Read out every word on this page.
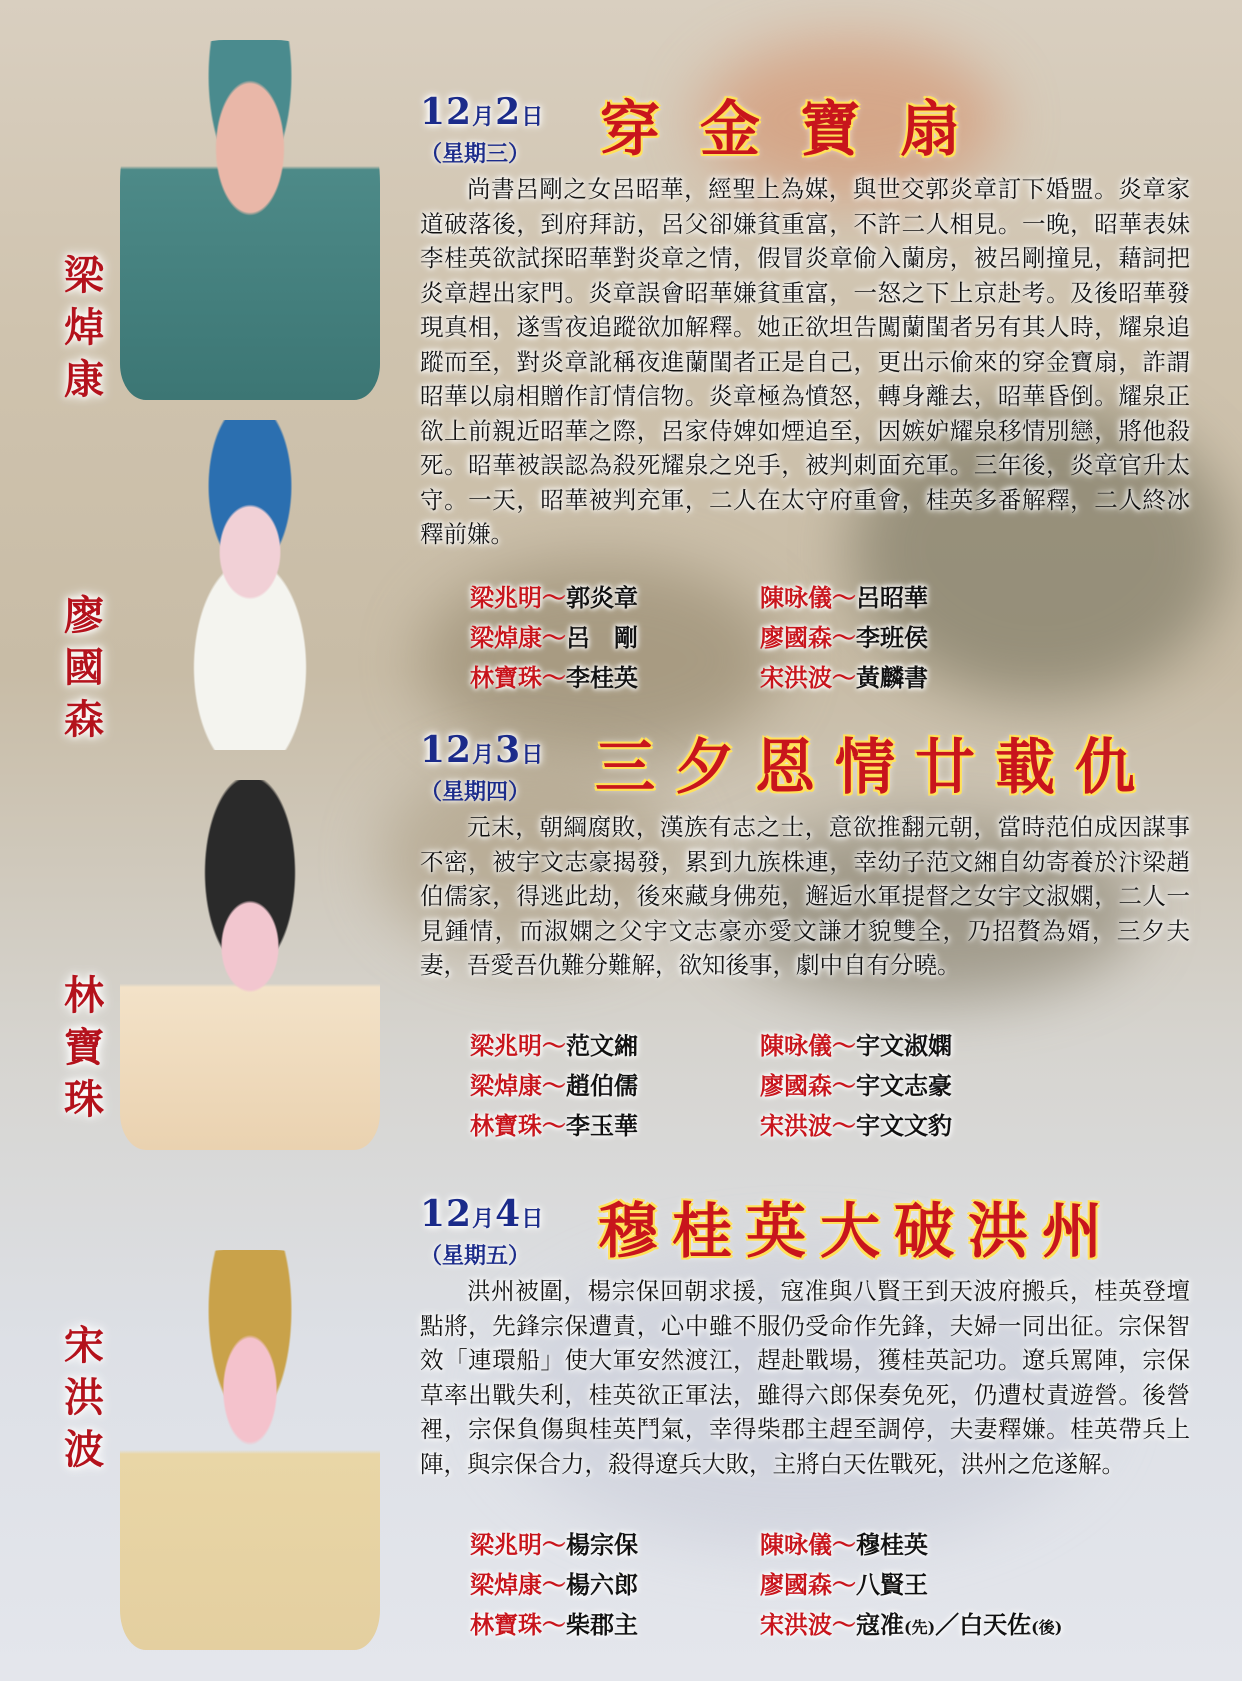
梁焯康
廖國森
林寶珠
宋洪波
12月2日
（星期三）	穿金寶扇
尚書呂剛之女呂昭華，經聖上為媒，與世交郭炎章訂下婚盟。炎章家道破落後，到府拜訪，呂父卻嫌貧重富，不許二人相見。一晚，昭華表妹李桂英欲試探昭華對炎章之情，假冒炎章偷入蘭房，被呂剛撞見，藉詞把炎章趕出家門。炎章誤會昭華嫌貧重富，一怒之下上京赴考。及後昭華發現真相，遂雪夜追蹤欲加解釋。她正欲坦告闖蘭閨者另有其人時，耀泉追蹤而至，對炎章訛稱夜進蘭閨者正是自己，更出示偷來的穿金寶扇，詐謂昭華以扇相贈作訂情信物。炎章極為憤怒，轉身離去，昭華昏倒。耀泉正欲上前親近昭華之際，呂家侍婢如煙追至，因嫉妒耀泉移情別戀，將他殺死。昭華被誤認為殺死耀泉之兇手，被判刺面充軍。三年後，炎章官升太守。一天，昭華被判充軍，二人在太守府重會，桂英多番解釋，二人終冰釋前嫌。
梁兆明～郭炎章	陳咏儀～呂昭華
梁焯康～呂　剛	廖國森～李班侯
林寶珠～李桂英	宋洪波～黃麟書
12月3日
（星期四）	三夕恩情廿載仇
元末，朝綱腐敗，漢族有志之士，意欲推翻元朝，當時范伯成因謀事不密，被宇文志豪揭發，累到九族株連，幸幼子范文緗自幼寄養於汴梁趙伯儒家，得逃此劫，後來藏身佛苑，邂逅水軍提督之女宇文淑嫻，二人一見鍾情，而淑嫻之父宇文志豪亦愛文謙才貌雙全，乃招贅為婿，三夕夫妻，吾愛吾仇難分難解，欲知後事，劇中自有分曉。
梁兆明～范文緗	陳咏儀～宇文淑嫻
梁焯康～趙伯儒	廖國森～宇文志豪
林寶珠～李玉華	宋洪波～宇文文豹
12月4日
（星期五）	穆桂英大破洪州
洪州被圍，楊宗保回朝求援，寇准與八賢王到天波府搬兵，桂英登壇點將，先鋒宗保遭責，心中雖不服仍受命作先鋒，夫婦一同出征。宗保智效「連環船」使大軍安然渡江，趕赴戰場，獲桂英記功。遼兵罵陣，宗保草率出戰失利，桂英欲正軍法，雖得六郎保奏免死，仍遭杖責遊營。後營裡，宗保負傷與桂英鬥氣，幸得柴郡主趕至調停，夫妻釋嫌。桂英帶兵上陣，與宗保合力，殺得遼兵大敗，主將白天佐戰死，洪州之危遂解。
梁兆明～楊宗保	陳咏儀～穆桂英
梁焯康～楊六郎	廖國森～八賢王
林寶珠～柴郡主	宋洪波～寇准(先)／白天佐(後)
